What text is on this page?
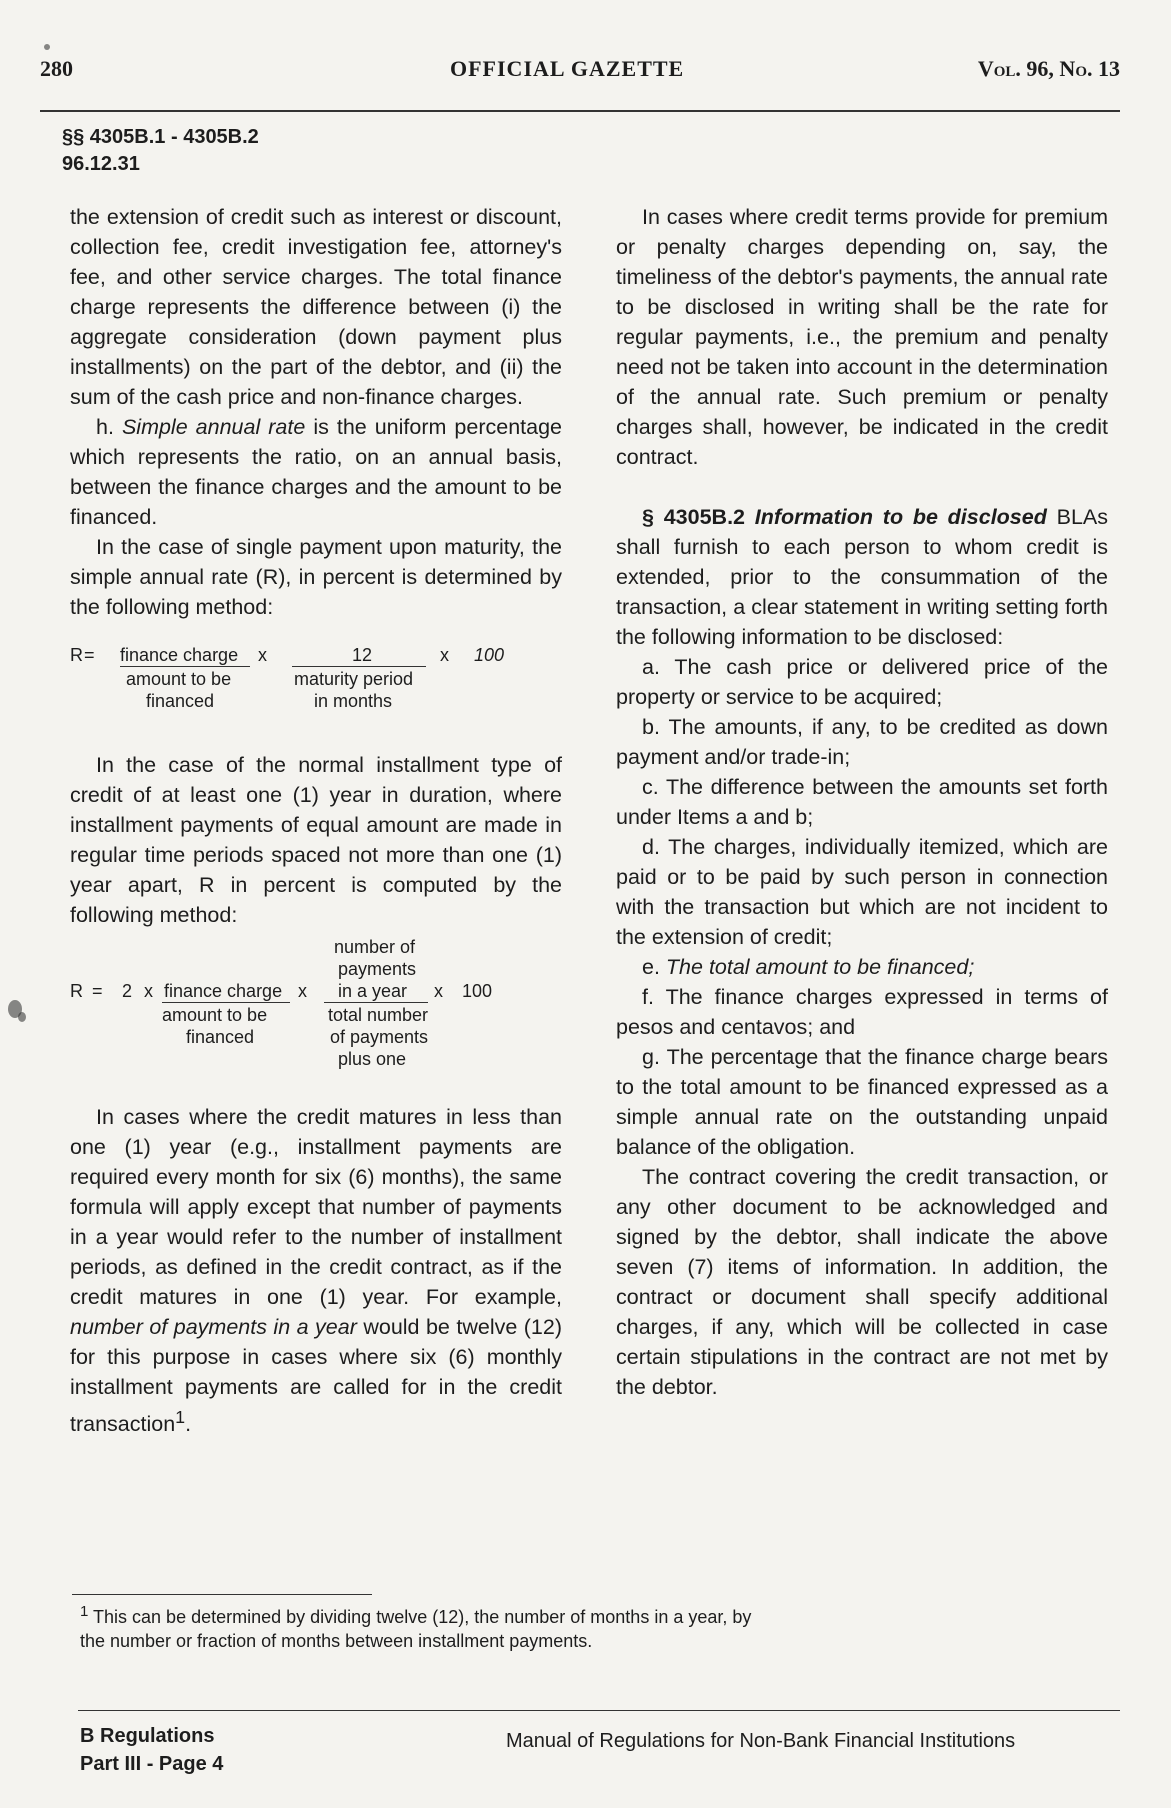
280	OFFICIAL GAZETTE	Vol. 96, No. 13
§§ 4305B.1 - 4305B.2
96.12.31

the extension of credit such as interest or discount, collection fee, credit investigation fee, attorney's fee, and other service charges. The total finance charge represents the difference between (i) the aggregate consideration (down payment plus installments) on the part of the debtor, and (ii) the sum of the cash price and non-finance charges.

h. Simple annual rate is the uniform percentage which represents the ratio, on an annual basis, between the finance charges and the amount to be financed.

In the case of single payment upon maturity, the simple annual rate (R), in percent is determined by the following method:

R = finance charge
amount to be
financed
x	12
maturity period
in months
x 100

In the case of the normal installment type of credit of at least one (1) year in duration, where installment payments of equal amount are made in regular time periods spaced not more than one (1) year apart, R in percent is computed by the following method:

number of
payments
R = 2 x finance charge
amount to be
financed
x in a year
total number
of payments
plus one
x 100

In cases where the credit matures in less than one (1) year (e.g., installment payments are required every month for six (6) months), the same formula will apply except that number of payments in a year would refer to the number of installment periods, as defined in the credit contract, as if the credit matures in one (1) year. For example, number of payments in a year would be twelve (12) for this purpose in cases where six (6) monthly installment payments are called for in the credit transaction$^1$.

In cases where credit terms provide for premium or penalty charges depending on, say, the timeliness of the debtor's payments, the annual rate to be disclosed in writing shall be the rate for regular payments, i.e., the premium and penalty need not be taken into account in the determination of the annual rate. Such premium or penalty charges shall, however, be indicated in the credit contract.

§ 4305B.2 Information to be disclosed BLAs shall furnish to each person to whom credit is extended, prior to the consummation of the transaction, a clear statement in writing setting forth the following information to be disclosed:

a. The cash price or delivered price of the property or service to be acquired;

b. The amounts, if any, to be credited as down payment and/or trade-in;

c. The difference between the amounts set forth under Items a and b;

d. The charges, individually itemized, which are paid or to be paid by such person in connection with the transaction but which are not incident to the extension of credit;

e. The total amount to be financed;

f. The finance charges expressed in terms of pesos and centavos; and

g. The percentage that the finance charge bears to the total amount to be financed expressed as a simple annual rate on the outstanding unpaid balance of the obligation.

The contract covering the credit transaction, or any other document to be acknowledged and signed by the debtor, shall indicate the above seven (7) items of information. In addition, the contract or document shall specify additional charges, if any, which will be collected in case certain stipulations in the contract are not met by the debtor.

$^1$ This can be determined by dividing twelve (12), the number of months in a year, by the number or fraction of months between installment payments.
B Regulations
Part III - Page 4
Manual of Regulations for Non-Bank Financial Institutions
